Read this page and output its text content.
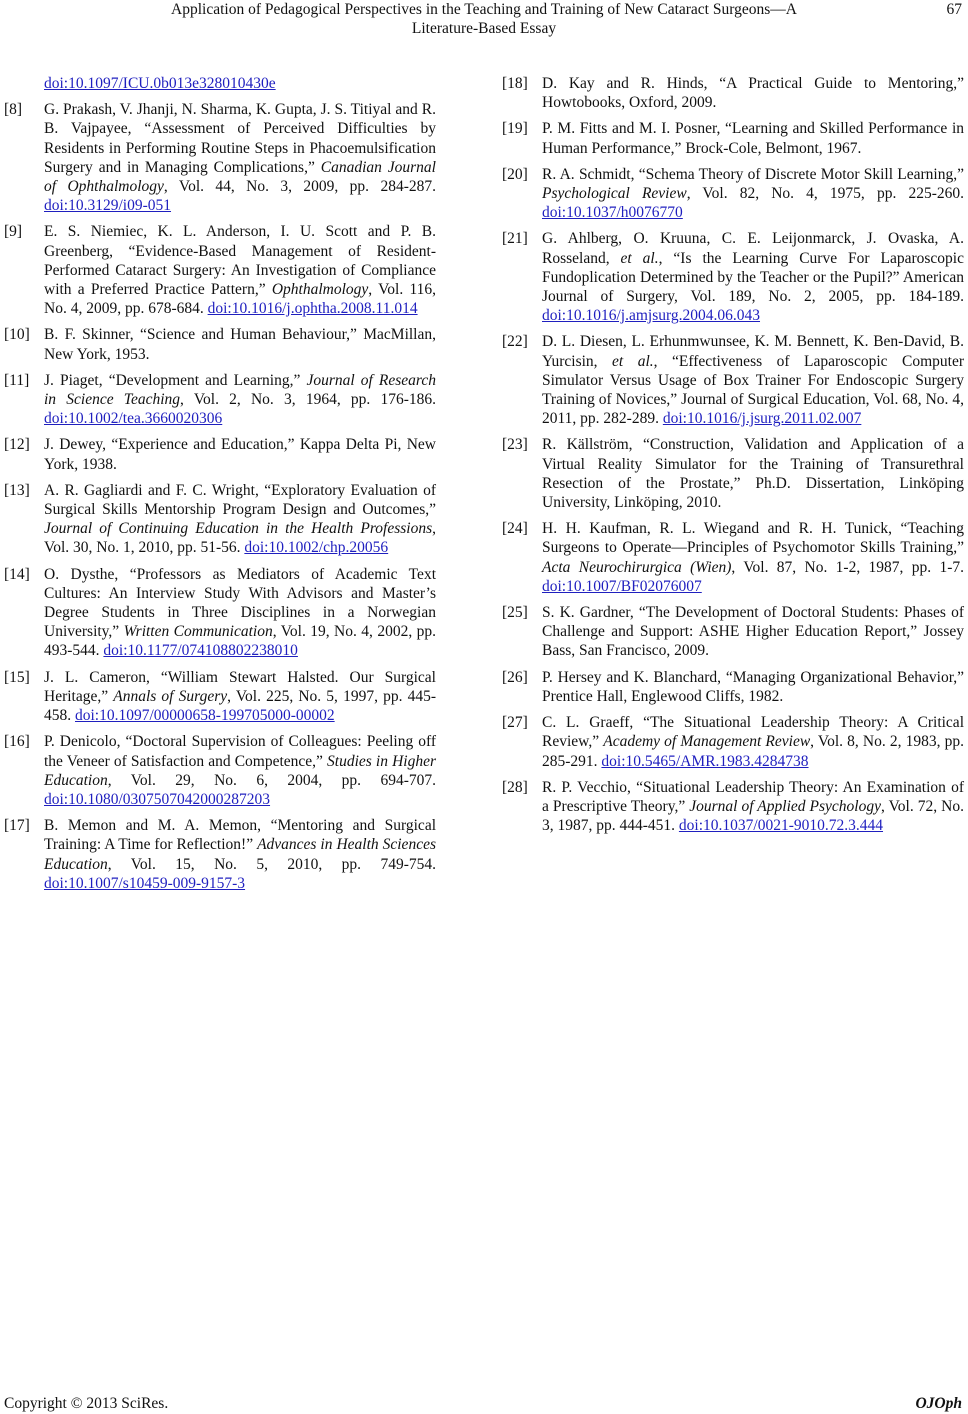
Application of Pedagogical Perspectives in the Teaching and Training of New Cataract Surgeons—A
Literature-Based Essay
67
doi:10.1097/ICU.0b013e328010430e
[8] G. Prakash, V. Jhanji, N. Sharma, K. Gupta, J. S. Titiyal and R. B. Vajpayee, “Assessment of Perceived Difficulties by Residents in Performing Routine Steps in Phacoemulsification Surgery and in Managing Complications,” Canadian Journal of Ophthalmology, Vol. 44, No. 3, 2009, pp. 284-287. doi:10.3129/i09-051
[9] E. S. Niemiec, K. L. Anderson, I. U. Scott and P. B. Greenberg, “Evidence-Based Management of Resident-Performed Cataract Surgery: An Investigation of Compliance with a Preferred Practice Pattern,” Ophthalmology, Vol. 116, No. 4, 2009, pp. 678-684. doi:10.1016/j.ophtha.2008.11.014
[10] B. F. Skinner, “Science and Human Behaviour,” MacMillan, New York, 1953.
[11] J. Piaget, “Development and Learning,” Journal of Research in Science Teaching, Vol. 2, No. 3, 1964, pp. 176-186. doi:10.1002/tea.3660020306
[12] J. Dewey, “Experience and Education,” Kappa Delta Pi, New York, 1938.
[13] A. R. Gagliardi and F. C. Wright, “Exploratory Evaluation of Surgical Skills Mentorship Program Design and Outcomes,” Journal of Continuing Education in the Health Professions, Vol. 30, No. 1, 2010, pp. 51-56. doi:10.1002/chp.20056
[14] O. Dysthe, “Professors as Mediators of Academic Text Cultures: An Interview Study With Advisors and Master’s Degree Students in Three Disciplines in a Norwegian University,” Written Communication, Vol. 19, No. 4, 2002, pp. 493-544. doi:10.1177/074108802238010
[15] J. L. Cameron, “William Stewart Halsted. Our Surgical Heritage,” Annals of Surgery, Vol. 225, No. 5, 1997, pp. 445-458. doi:10.1097/00000658-199705000-00002
[16] P. Denicolo, “Doctoral Supervision of Colleagues: Peeling off the Veneer of Satisfaction and Competence,” Studies in Higher Education, Vol. 29, No. 6, 2004, pp. 694-707. doi:10.1080/0307507042000287203
[17] B. Memon and M. A. Memon, “Mentoring and Surgical Training: A Time for Reflection!” Advances in Health Sciences Education, Vol. 15, No. 5, 2010, pp. 749-754. doi:10.1007/s10459-009-9157-3
[18] D. Kay and R. Hinds, “A Practical Guide to Mentoring,” Howtobooks, Oxford, 2009.
[19] P. M. Fitts and M. I. Posner, “Learning and Skilled Performance in Human Performance,” Brock-Cole, Belmont, 1967.
[20] R. A. Schmidt, “Schema Theory of Discrete Motor Skill Learning,” Psychological Review, Vol. 82, No. 4, 1975, pp. 225-260. doi:10.1037/h0076770
[21] G. Ahlberg, O. Kruuna, C. E. Leijonmarck, J. Ovaska, A. Rosseland, et al., “Is the Learning Curve For Laparoscopic Fundoplication Determined by the Teacher or the Pupil?” American Journal of Surgery, Vol. 189, No. 2, 2005, pp. 184-189. doi:10.1016/j.amjsurg.2004.06.043
[22] D. L. Diesen, L. Erhunmwunsee, K. M. Bennett, K. Ben-David, B. Yurcisin, et al., “Effectiveness of Laparoscopic Computer Simulator Versus Usage of Box Trainer For Endoscopic Surgery Training of Novices,” Journal of Surgical Education, Vol. 68, No. 4, 2011, pp. 282-289. doi:10.1016/j.jsurg.2011.02.007
[23] R. Källström, “Construction, Validation and Application of a Virtual Reality Simulator for the Training of Transurethral Resection of the Prostate,” Ph.D. Dissertation, Linköping University, Linköping, 2010.
[24] H. H. Kaufman, R. L. Wiegand and R. H. Tunick, “Teaching Surgeons to Operate—Principles of Psychomotor Skills Training,” Acta Neurochirurgica (Wien), Vol. 87, No. 1-2, 1987, pp. 1-7. doi:10.1007/BF02076007
[25] S. K. Gardner, “The Development of Doctoral Students: Phases of Challenge and Support: ASHE Higher Education Report,” Jossey Bass, San Francisco, 2009.
[26] P. Hersey and K. Blanchard, “Managing Organizational Behavior,” Prentice Hall, Englewood Cliffs, 1982.
[27] C. L. Graeff, “The Situational Leadership Theory: A Critical Review,” Academy of Management Review, Vol. 8, No. 2, 1983, pp. 285-291. doi:10.5465/AMR.1983.4284738
[28] R. P. Vecchio, “Situational Leadership Theory: An Examination of a Prescriptive Theory,” Journal of Applied Psychology, Vol. 72, No. 3, 1987, pp. 444-451. doi:10.1037/0021-9010.72.3.444
Copyright © 2013 SciRes.	OJOph
